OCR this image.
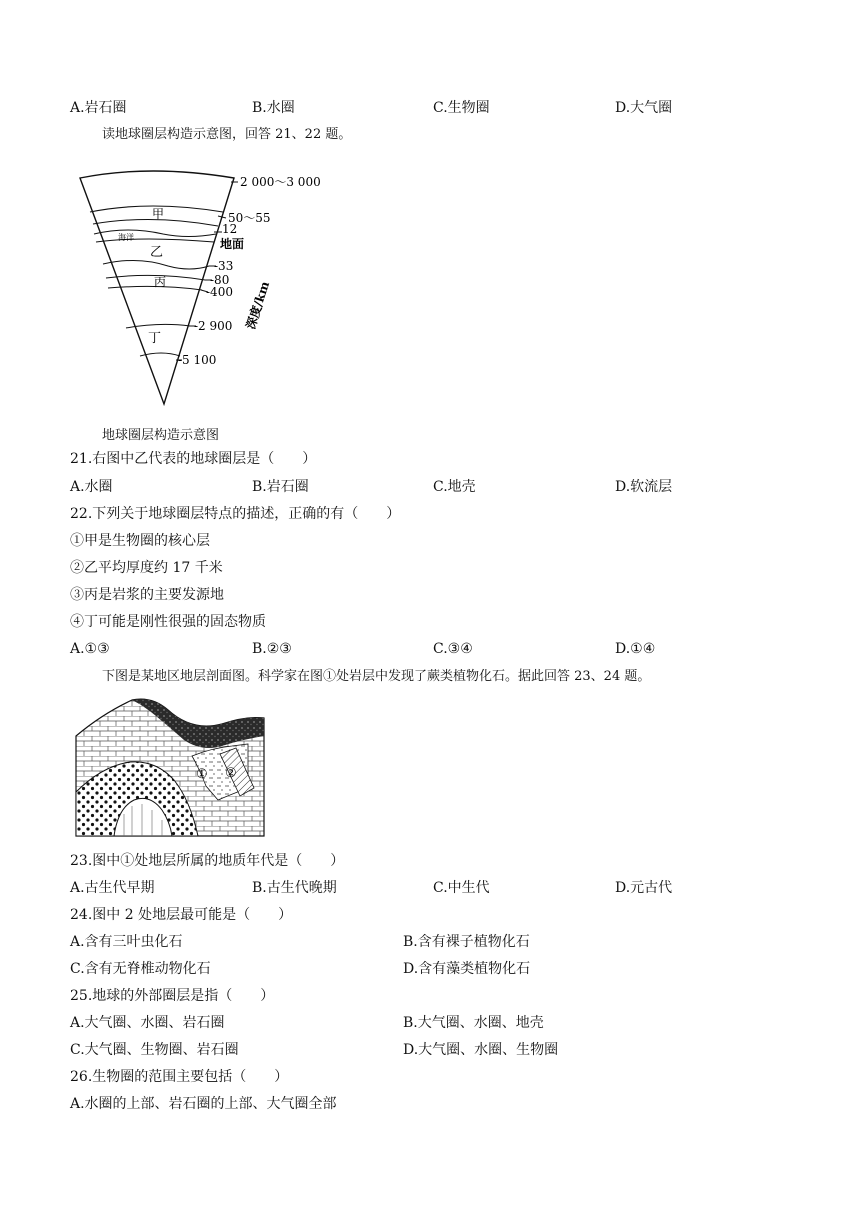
A.岩石圈	B.水圈	C.生物圈	D.大气圈
读地球圈层构造示意图，回答 21、22 题。
2 000～3 000
50～55
12
地面
-33
-80
-400
-2 900
-5 100
深度/km
甲
海洋
乙
丙
丁
地球圈层构造示意图
21.右图中乙代表的地球圈层是（　　）
A.水圈	B.岩石圈	C.地壳	D.软流层
22.下列关于地球圈层特点的描述，正确的有（　　）
①甲是生物圈的核心层
②乙平均厚度约 17 千米
③丙是岩浆的主要发源地
④丁可能是刚性很强的固态物质
A.①③	B.②③	C.③④	D.①④
下图是某地区地层剖面图。科学家在图①处岩层中发现了蕨类植物化石。据此回答 23、24 题。
① ②
23.图中①处地层所属的地质年代是（　　）
A.古生代早期	B.古生代晚期	C.中生代	D.元古代
24.图中 2 处地层最可能是（　　）
A.含有三叶虫化石	B.含有裸子植物化石
C.含有无脊椎动物化石	D.含有藻类植物化石
25.地球的外部圈层是指（　　）
A.大气圈、水圈、岩石圈	B.大气圈、水圈、地壳
C.大气圈、生物圈、岩石圈	D.大气圈、水圈、生物圈
26.生物圈的范围主要包括（　　）
A.水圈的上部、岩石圈的上部、大气圈全部
